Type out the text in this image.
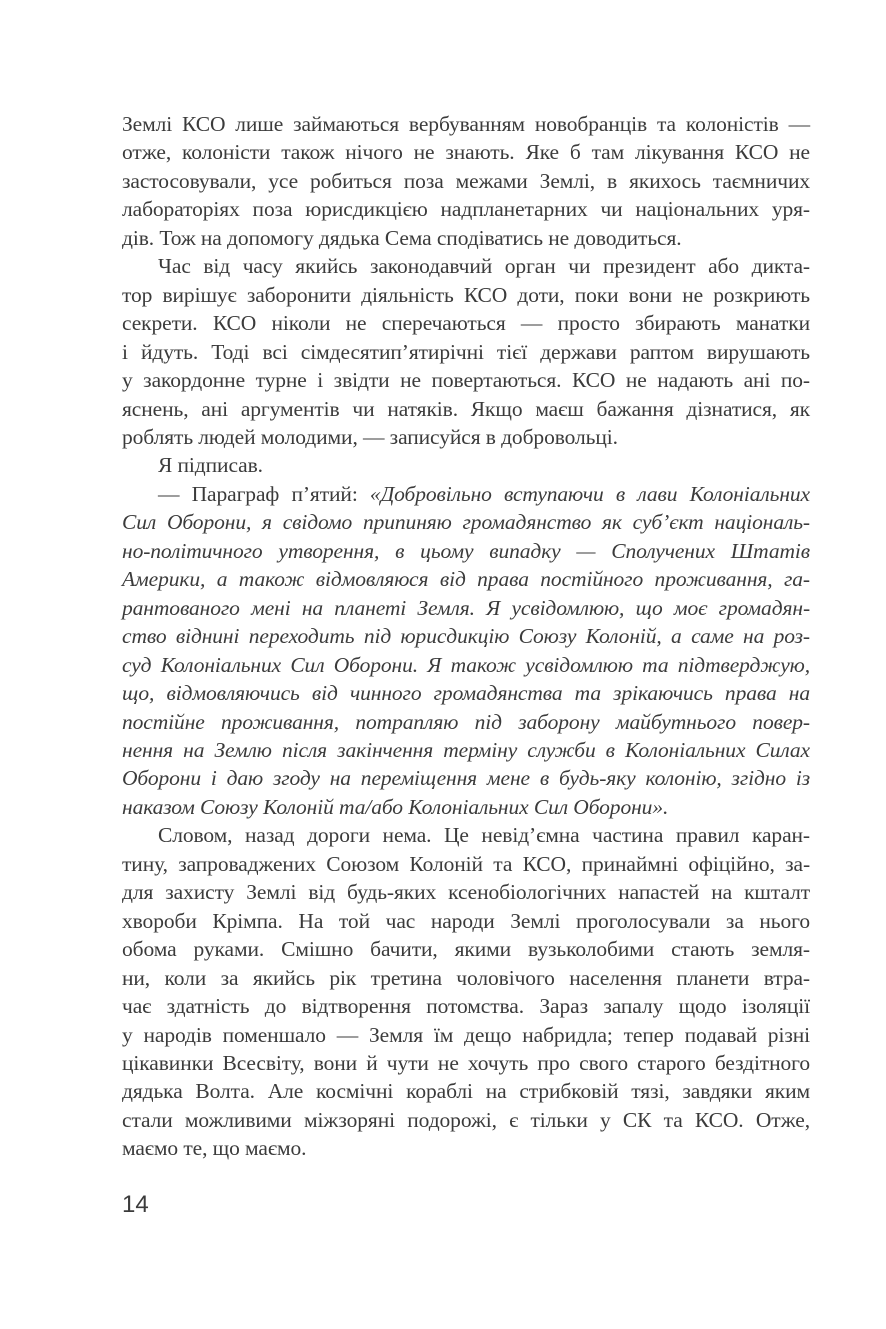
Землі КСО лише займаються вербуванням новобранців та колоністів —
отже, колоністи також нічого не знають. Яке б там лікування КСО не
застосовували, усе робиться поза межами Землі, в якихось таємничих
лабораторіях поза юрисдикцією надпланетарних чи національних уря-
дів. Тож на допомогу дядька Сема сподіватись не доводиться.
Час від часу якийсь законодавчий орган чи президент або дикта-
тор вирішує заборонити діяльність КСО доти, поки вони не розкриють
секрети. КСО ніколи не сперечаються — просто збирають манатки
і йдуть. Тоді всі сімдесятип’ятирічні тієї держави раптом вирушають
у закордонне турне і звідти не повертаються. КСО не надають ані по-
яснень, ані аргументів чи натяків. Якщо маєш бажання дізнатися, як
роблять людей молодими, — записуйся в добровольці.
Я підписав.
— Параграф п’ятий: «Добровільно вступаючи в лави Колоніальних
Сил Оборони, я свідомо припиняю громадянство як суб’єкт національ-
но-політичного утворення, в цьому випадку — Сполучених Штатів
Америки, а також відмовляюся від права постійного проживання, га-
рантованого мені на планеті Земля. Я усвідомлюю, що моє громадян-
ство віднині переходить під юрисдикцію Союзу Колоній, а саме на роз-
суд Колоніальних Сил Оборони. Я також усвідомлюю та підтверджую,
що, відмовляючись від чинного громадянства та зрікаючись права на
постійне проживання, потрапляю під заборону майбутнього повер-
нення на Землю після закінчення терміну служби в Колоніальних Силах
Оборони і даю згоду на переміщення мене в будь-яку колонію, згідно із
наказом Союзу Колоній та/або Колоніальних Сил Оборони».
Словом, назад дороги нема. Це невід’ємна частина правил каран-
тину, запроваджених Союзом Колоній та КСО, принаймні офіційно, за-
для захисту Землі від будь-яких ксенобіологічних напастей на кшталт
хвороби Крімпа. На той час народи Землі проголосували за нього
обома руками. Смішно бачити, якими вузьколобими стають земля-
ни, коли за якийсь рік третина чоловічого населення планети втра-
чає здатність до відтворення потомства. Зараз запалу щодо ізоляції
у народів поменшало — Земля їм дещо набридла; тепер подавай різні
цікавинки Всесвіту, вони й чути не хочуть про свого старого бездітного
дядька Волта. Але космічні кораблі на стрибковій тязі, завдяки яким
стали можливими міжзоряні подорожі, є тільки у СК та КСО. Отже,
маємо те, що маємо.
14
